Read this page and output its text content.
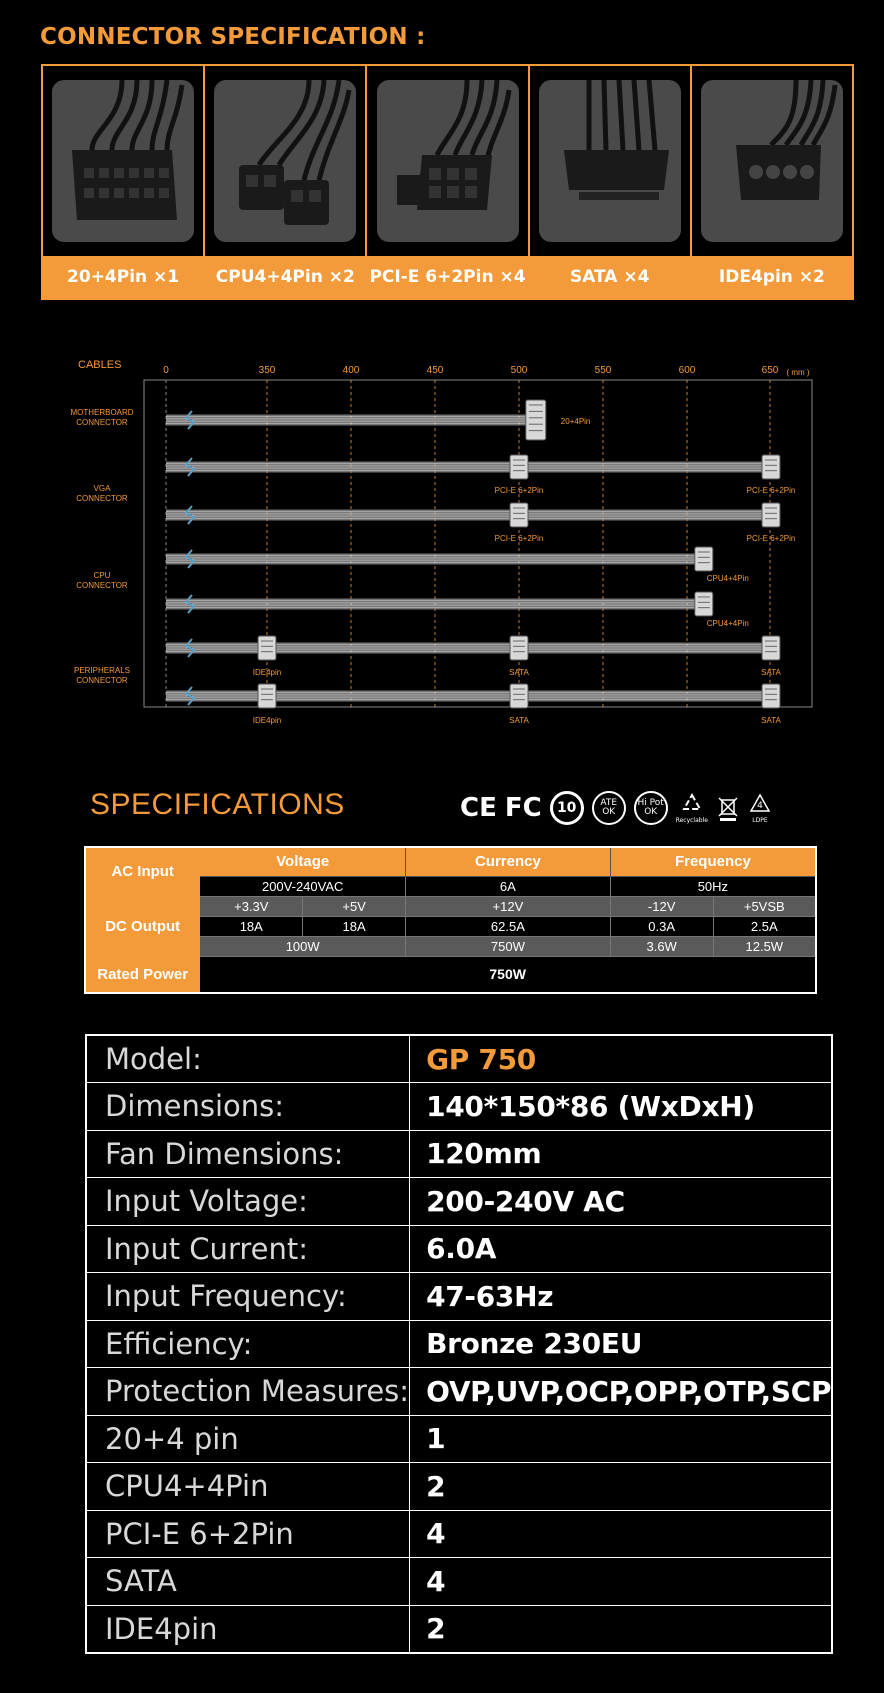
CONNECTOR SPECIFICATION :
20+4Pin ×1	CPU4+4Pin ×2 PCI-E 6+2Pin ×4	SATA ×4	IDE4pin ×2
CABLES	0	350	400	450	500	550	600	650 ( mm )
MOTHERBOARD
CONNECTOR
VGA
CONNECTOR
CPU
CONNECTOR
PERIPHERALS
CONNECTOR
20+4Pin
PCI-E 6+2Pin	PCI-E 6+2Pin
PCI-E 6+2Pin	PCI-E 6+2Pin
CPU4+4Pin
CPU4+4Pin
IDE4pin	SATA	SATA
IDE4pin	SATA	SATA
SPECIFICATIONS	CE FC 10	ATE
OK
Hi Pot
OK
Recyclable
4
LDPE
AC Input	Voltage		Currency	Frequency	
	200V-240VAC		6A	50Hz	
DC Output	+3.3V	+5V	+12V	-12V	+5VSB
	18A	18A	62.5A	0.3A	2.5A
	100W		750W	3.6W	12.5W
Rated Power	750W				
Model:	GP 750
Dimensions:	140*150*86 (WxDxH)
Fan Dimensions:	120mm
Input Voltage:	200-240V AC
Input Current:	6.0A
Input Frequency:	47-63Hz
Efficiency:	Bronze 230EU
Protection Measures:	OVP,UVP,OCP,OPP,OTP,SCP
20+4 pin	1
CPU4+4Pin	2
PCI-E 6+2Pin	4
SATA	4
IDE4pin	2
